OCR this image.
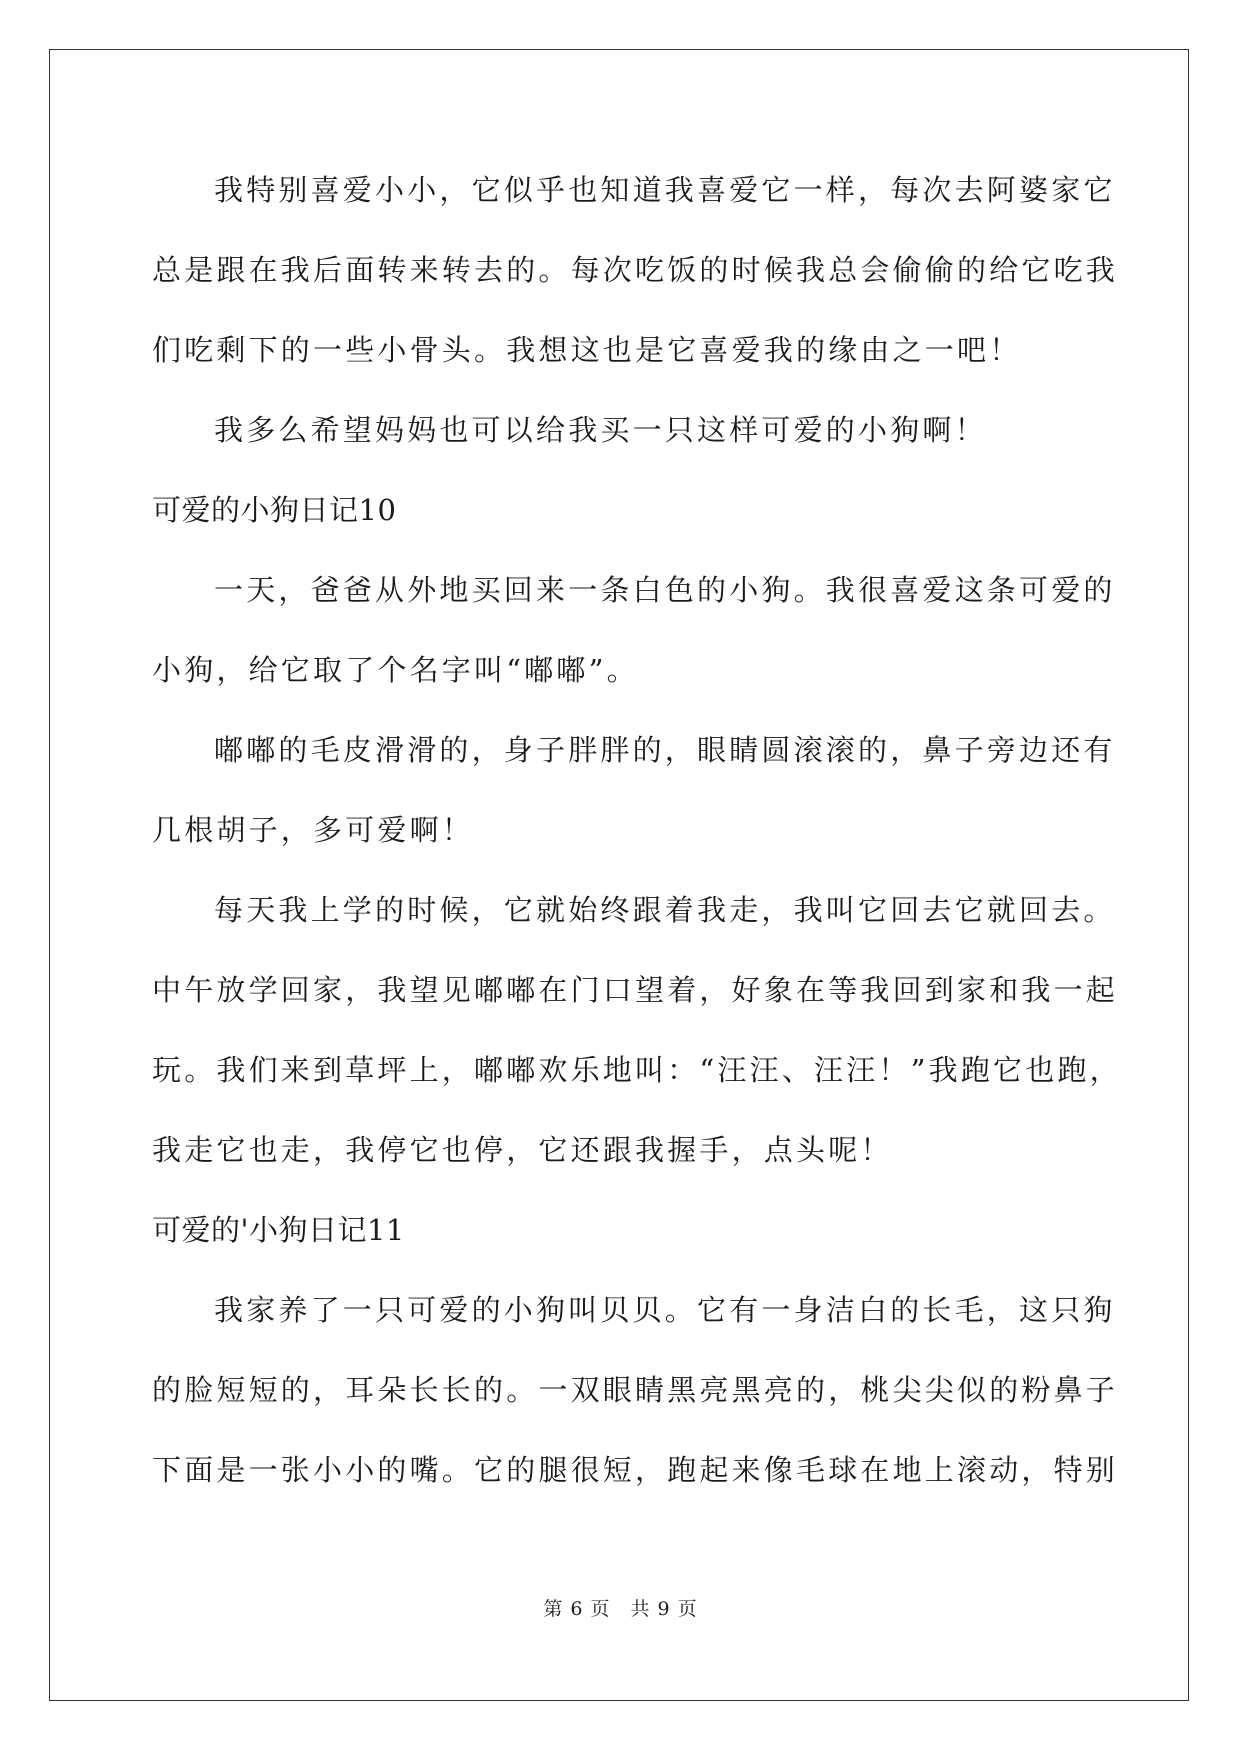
我特别喜爱小小，它似乎也知道我喜爱它一样，每次去阿婆家它
总是跟在我后面转来转去的。每次吃饭的时候我总会偷偷的给它吃我
们吃剩下的一些小骨头。我想这也是它喜爱我的缘由之一吧！
我多么希望妈妈也可以给我买一只这样可爱的小狗啊！
可爱的小狗日记10
一天，爸爸从外地买回来一条白色的小狗。我很喜爱这条可爱的
小狗，给它取了个名字叫“嘟嘟”。
嘟嘟的毛皮滑滑的，身子胖胖的，眼睛圆滚滚的，鼻子旁边还有
几根胡子，多可爱啊！
每天我上学的时候，它就始终跟着我走，我叫它回去它就回去。
中午放学回家，我望见嘟嘟在门口望着，好象在等我回到家和我一起
玩。我们来到草坪上，嘟嘟欢乐地叫：“汪汪、汪汪！”我跑它也跑，
我走它也走，我停它也停，它还跟我握手，点头呢！
可爱的'小狗日记11
我家养了一只可爱的小狗叫贝贝。它有一身洁白的长毛，这只狗
的脸短短的，耳朵长长的。一双眼睛黑亮黑亮的，桃尖尖似的粉鼻子
下面是一张小小的嘴。它的腿很短，跑起来像毛球在地上滚动，特别
第 6 页　共 9 页
